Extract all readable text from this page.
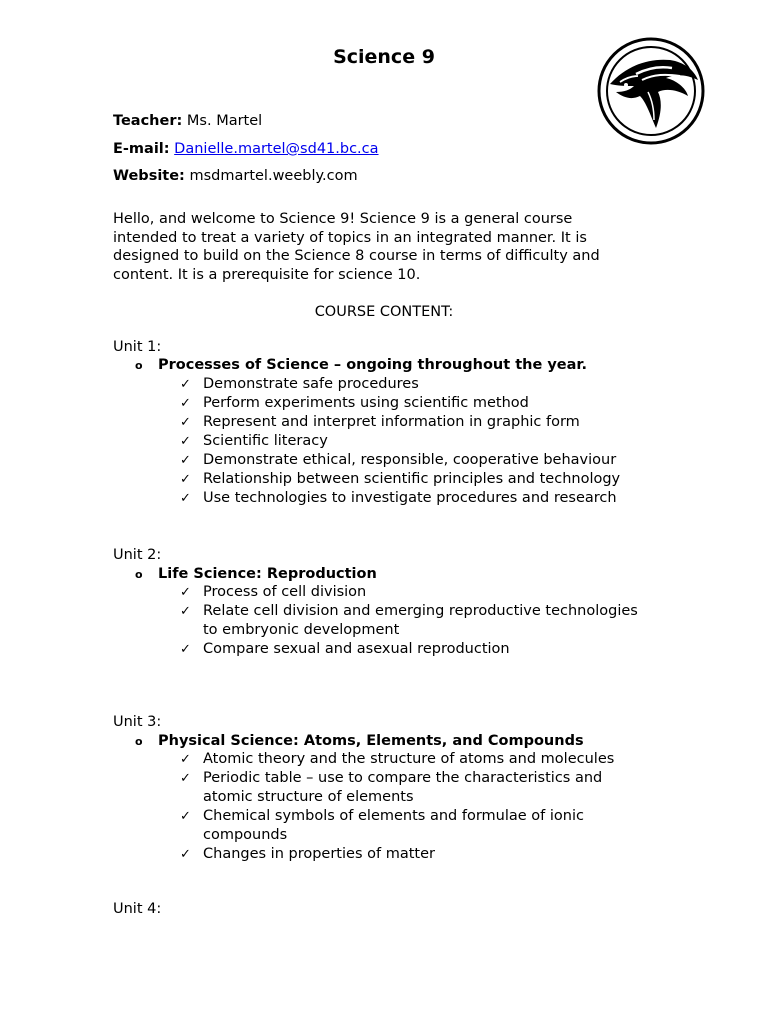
Science 9
Teacher: Ms. Martel
E-mail: Danielle.martel@sd41.bc.ca
Website: msdmartel.weebly.com
Hello, and welcome to Science 9! Science 9 is a general course
intended to treat a variety of topics in an integrated manner. It is
designed to build on the Science 8 course in terms of difficulty and
content. It is a prerequisite for science 10.
COURSE CONTENT:
Unit 1:
o Processes of Science – ongoing throughout the year.
✓ Demonstrate safe procedures
✓ Perform experiments using scientific method
✓ Represent and interpret information in graphic form
✓ Scientific literacy
✓ Demonstrate ethical, responsible, cooperative behaviour
✓ Relationship between scientific principles and technology
✓ Use technologies to investigate procedures and research
Unit 2:
o Life Science: Reproduction
✓ Process of cell division
✓ Relate cell division and emerging reproductive technologies
to embryonic development
✓ Compare sexual and asexual reproduction
Unit 3:
o Physical Science: Atoms, Elements, and Compounds
✓ Atomic theory and the structure of atoms and molecules
✓ Periodic table – use to compare the characteristics and
atomic structure of elements
✓ Chemical symbols of elements and formulae of ionic
compounds
✓ Changes in properties of matter
Unit 4:
